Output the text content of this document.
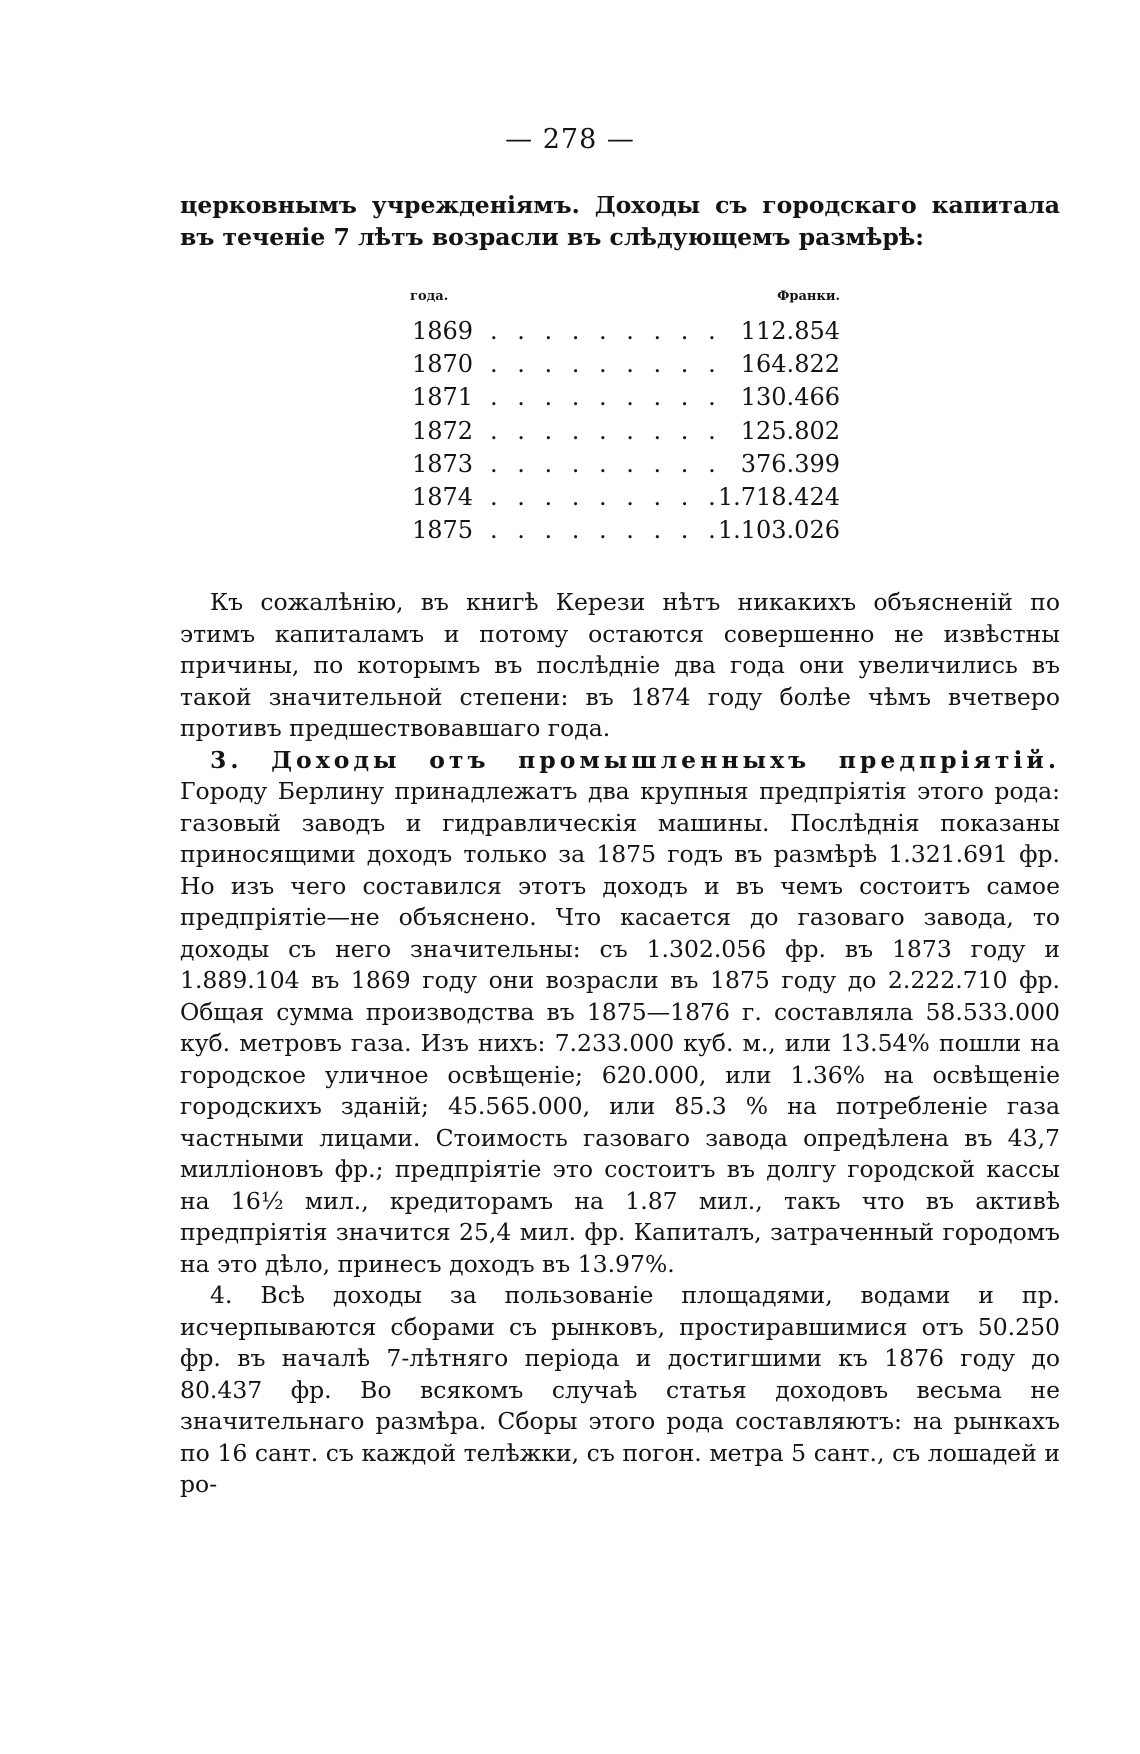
— 278 —

церковнымъ учрежденіямъ. Доходы съ городскаго капитала въ теченіе 7 лѣтъ возрасли въ слѣдующемъ размѣрѣ:

года.	Франки.
1869 . . . . . . . . . 112.854
1870 . . . . . . . . . 164.822
1871 . . . . . . . . . 130.466
1872 . . . . . . . . . 125.802
1873 . . . . . . . . . 376.399
1874 . . . . . . . . .
1.718.424
1875 . . . . . . . . .
1.103.026

Къ сожалѣнію, въ книгѣ Керези нѣтъ никакихъ объясненій по этимъ капиталамъ и потому остаются совершенно не извѣстны причины, по которымъ въ послѣдніе два года они увеличились въ такой значительной степени: въ 1874 году болѣе чѣмъ вчетверо противъ предшествовавшаго года.

3. Доходы отъ промышленныхъ предпріятій. Городу Берлину принадлежатъ два крупныя предпріятія этого рода: газовый заводъ и гидравлическія машины. Послѣднія показаны приносящими доходъ только за 1875 годъ въ размѣрѣ 1.321.691 фр. Но изъ чего составился этотъ доходъ и въ чемъ состоитъ самое предпріятіе—не объяснено. Что касается до газоваго завода, то доходы съ него значительны: съ 1.302.056 фр. въ 1873 году и 1.889.104 въ 1869 году они возрасли въ 1875 году до 2.222.710 фр. Общая сумма производства въ 1875—1876 г. составляла 58.533.000 куб. метровъ газа. Изъ нихъ: 7.233.000 куб. м., или 13.54% пошли на городское уличное освѣщеніе; 620.000, или 1.36% на освѣщеніе городскихъ зданій; 45.565.000, или 85.3 % на потребленіе газа частными лицами. Стоимость газоваго завода опредѣлена въ 43,7 милліоновъ фр.; предпріятіе это состоитъ въ долгу городской кассы на 16½ мил., кредиторамъ на 1.87 мил., такъ что въ активѣ предпріятія значится 25,4 мил. фр. Капиталъ, затраченный городомъ на это дѣло, принесъ доходъ въ 13.97%.

4. Всѣ доходы за пользованіе площадями, водами и пр. исчерпываются сборами съ рынковъ, простиравшимися отъ 50.250 фр. въ началѣ 7-лѣтняго періода и достигшими къ 1876 году до 80.437 фр. Во всякомъ случаѣ статья доходовъ весьма не значительнаго размѣра. Сборы этого рода составляютъ: на рынкахъ по 16 сант. съ каждой телѣжки, съ погон. метра 5 сант., съ лошадей и ро-
